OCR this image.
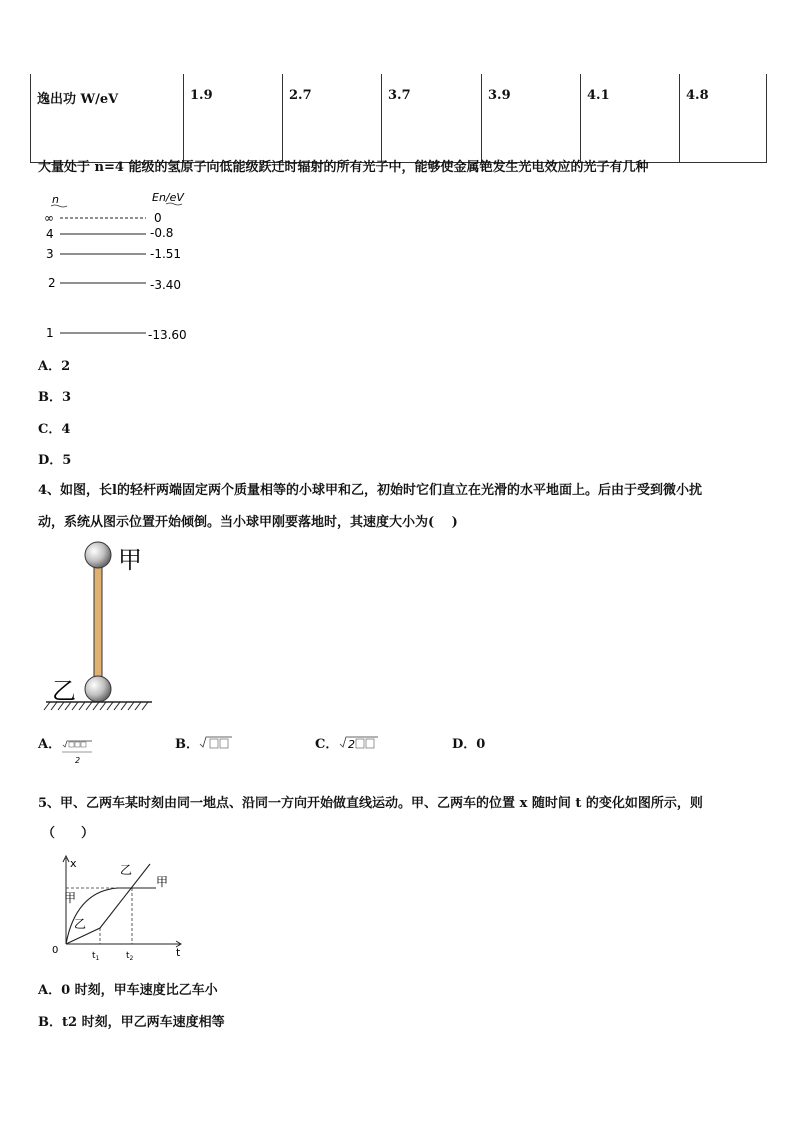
逸出功 W/eV	1.9	2.7	3.7	3.9	4.1	4.8
大量处于 n=4 能级的氢原子向低能级跃迁时辐射的所有光子中，能够使金属铯发生光电效应的光子有几种
n	En/eV
∞	0
4	-0.8
3	-1.51
2	-3.40
1	-13.60
A．2
B．3
C．4
D．5
4、如图，长l的轻杆两端固定两个质量相等的小球甲和乙，初始时它们直立在光滑的水平地面上。后由于受到微小扰
动，系统从图示位置开始倾倒。当小球甲刚要落地时，其速度大小为(　 )
甲
乙
A．
2
B．	C． 2	D．0
5、甲、乙两车某时刻由同一地点、沿同一方向开始做直线运动。甲、乙两车的位置 x 随时间 t 的变化如图所示，则
（　　）
x
t
0
甲
甲
乙
乙
$t_1$	$t_2$
A．0 时刻，甲车速度比乙车小
B．t2 时刻，甲乙两车速度相等
